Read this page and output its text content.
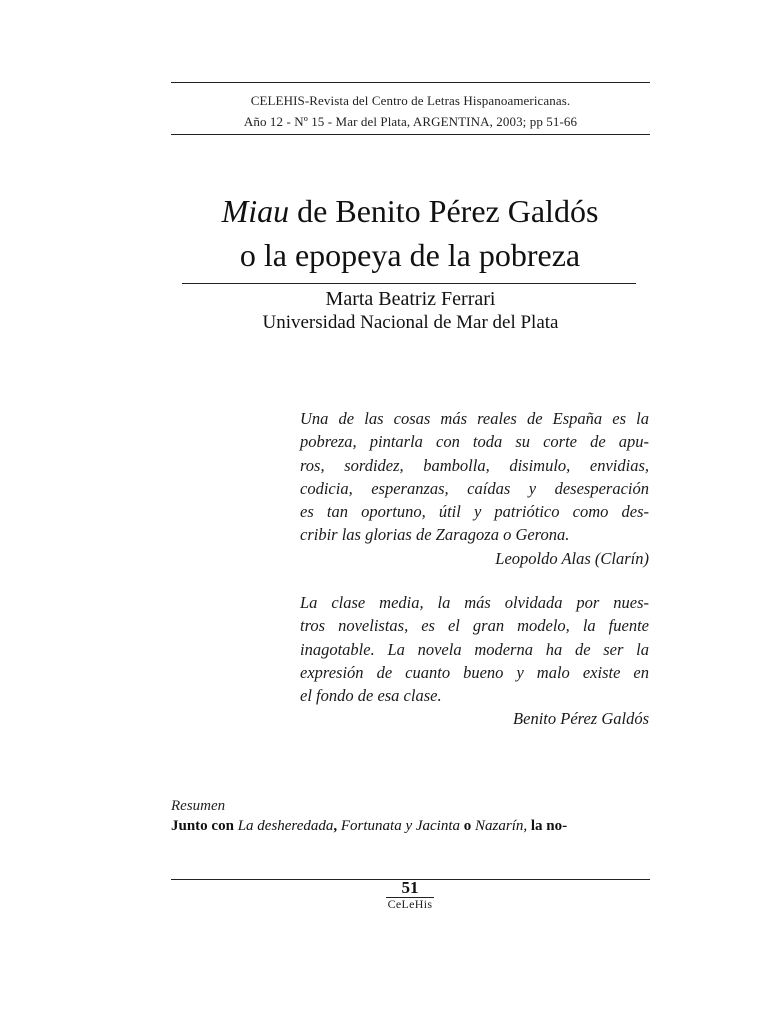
CELEHIS-Revista del Centro de Letras Hispanoamericanas.
Año 12 - Nº 15 - Mar del Plata, ARGENTINA, 2003; pp 51-66
Miau de Benito Pérez Galdós
o la epopeya de la pobreza
Marta Beatriz Ferrari
Universidad Nacional de Mar del Plata
Una de las cosas más reales de España es la
pobreza, pintarla con toda su corte de apu-
ros, sordidez, bambolla, disimulo, envidias,
codicia, esperanzas, caídas y desesperación
es tan oportuno, útil y patriótico como des-
cribir las glorias de Zaragoza o Gerona.
Leopoldo Alas (Clarín)
La clase media, la más olvidada por nues-
tros novelistas, es el gran modelo, la fuente
inagotable. La novela moderna ha de ser la
expresión de cuanto bueno y malo existe en
el fondo de esa clase.
Benito Pérez Galdós
Resumen
Junto con La desheredada, Fortunata y Jacinta o Nazarín, la no-
51
CeLeHis
